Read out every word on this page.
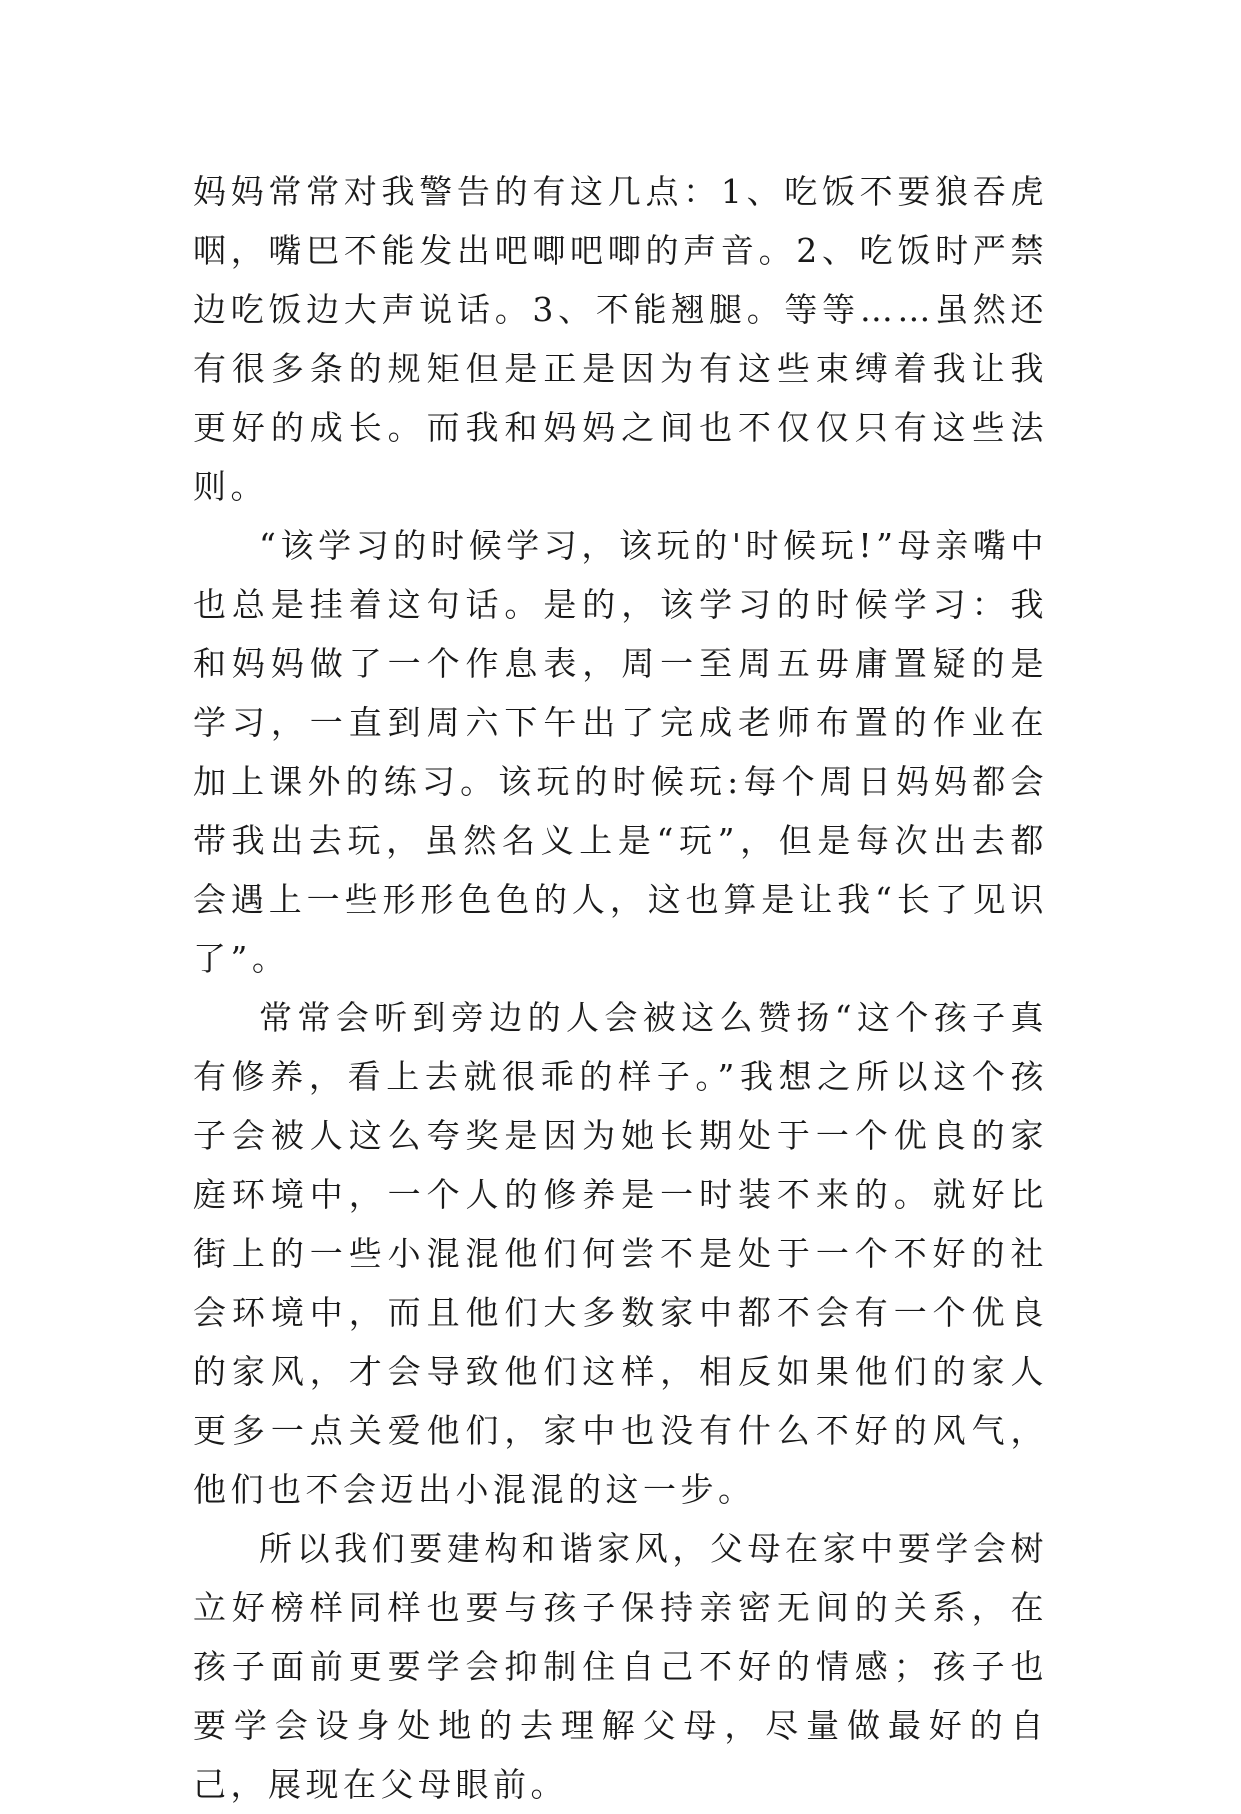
妈妈常常对我警告的有这几点：1、吃饭不要狼吞虎咽，嘴巴不能发出吧唧吧唧的声音。2、吃饭时严禁边吃饭边大声说话。3、不能翘腿。等等……虽然还有很多条的规矩但是正是因为有这些束缚着我让我更好的成长。而我和妈妈之间也不仅仅只有这些法则。

“该学习的时候学习，该玩的'时候玩!”母亲嘴中也总是挂着这句话。是的，该学习的时候学习：我和妈妈做了一个作息表，周一至周五毋庸置疑的是学习，一直到周六下午出了完成老师布置的作业在加上课外的练习。该玩的时候玩:每个周日妈妈都会带我出去玩，虽然名义上是“玩”，但是每次出去都会遇上一些形形色色的人，这也算是让我“长了见识了”。

常常会听到旁边的人会被这么赞扬“这个孩子真有修养，看上去就很乖的样子。”我想之所以这个孩子会被人这么夸奖是因为她长期处于一个优良的家庭环境中，一个人的修养是一时装不来的。就好比街上的一些小混混他们何尝不是处于一个不好的社会环境中，而且他们大多数家中都不会有一个优良的家风，才会导致他们这样，相反如果他们的家人更多一点关爱他们，家中也没有什么不好的风气，他们也不会迈出小混混的这一步。

所以我们要建构和谐家风，父母在家中要学会树立好榜样同样也要与孩子保持亲密无间的关系，在孩子面前更要学会抑制住自己不好的情感；孩子也要学会设身处地的去理解父母，尽量做最好的自己，展现在父母眼前。
